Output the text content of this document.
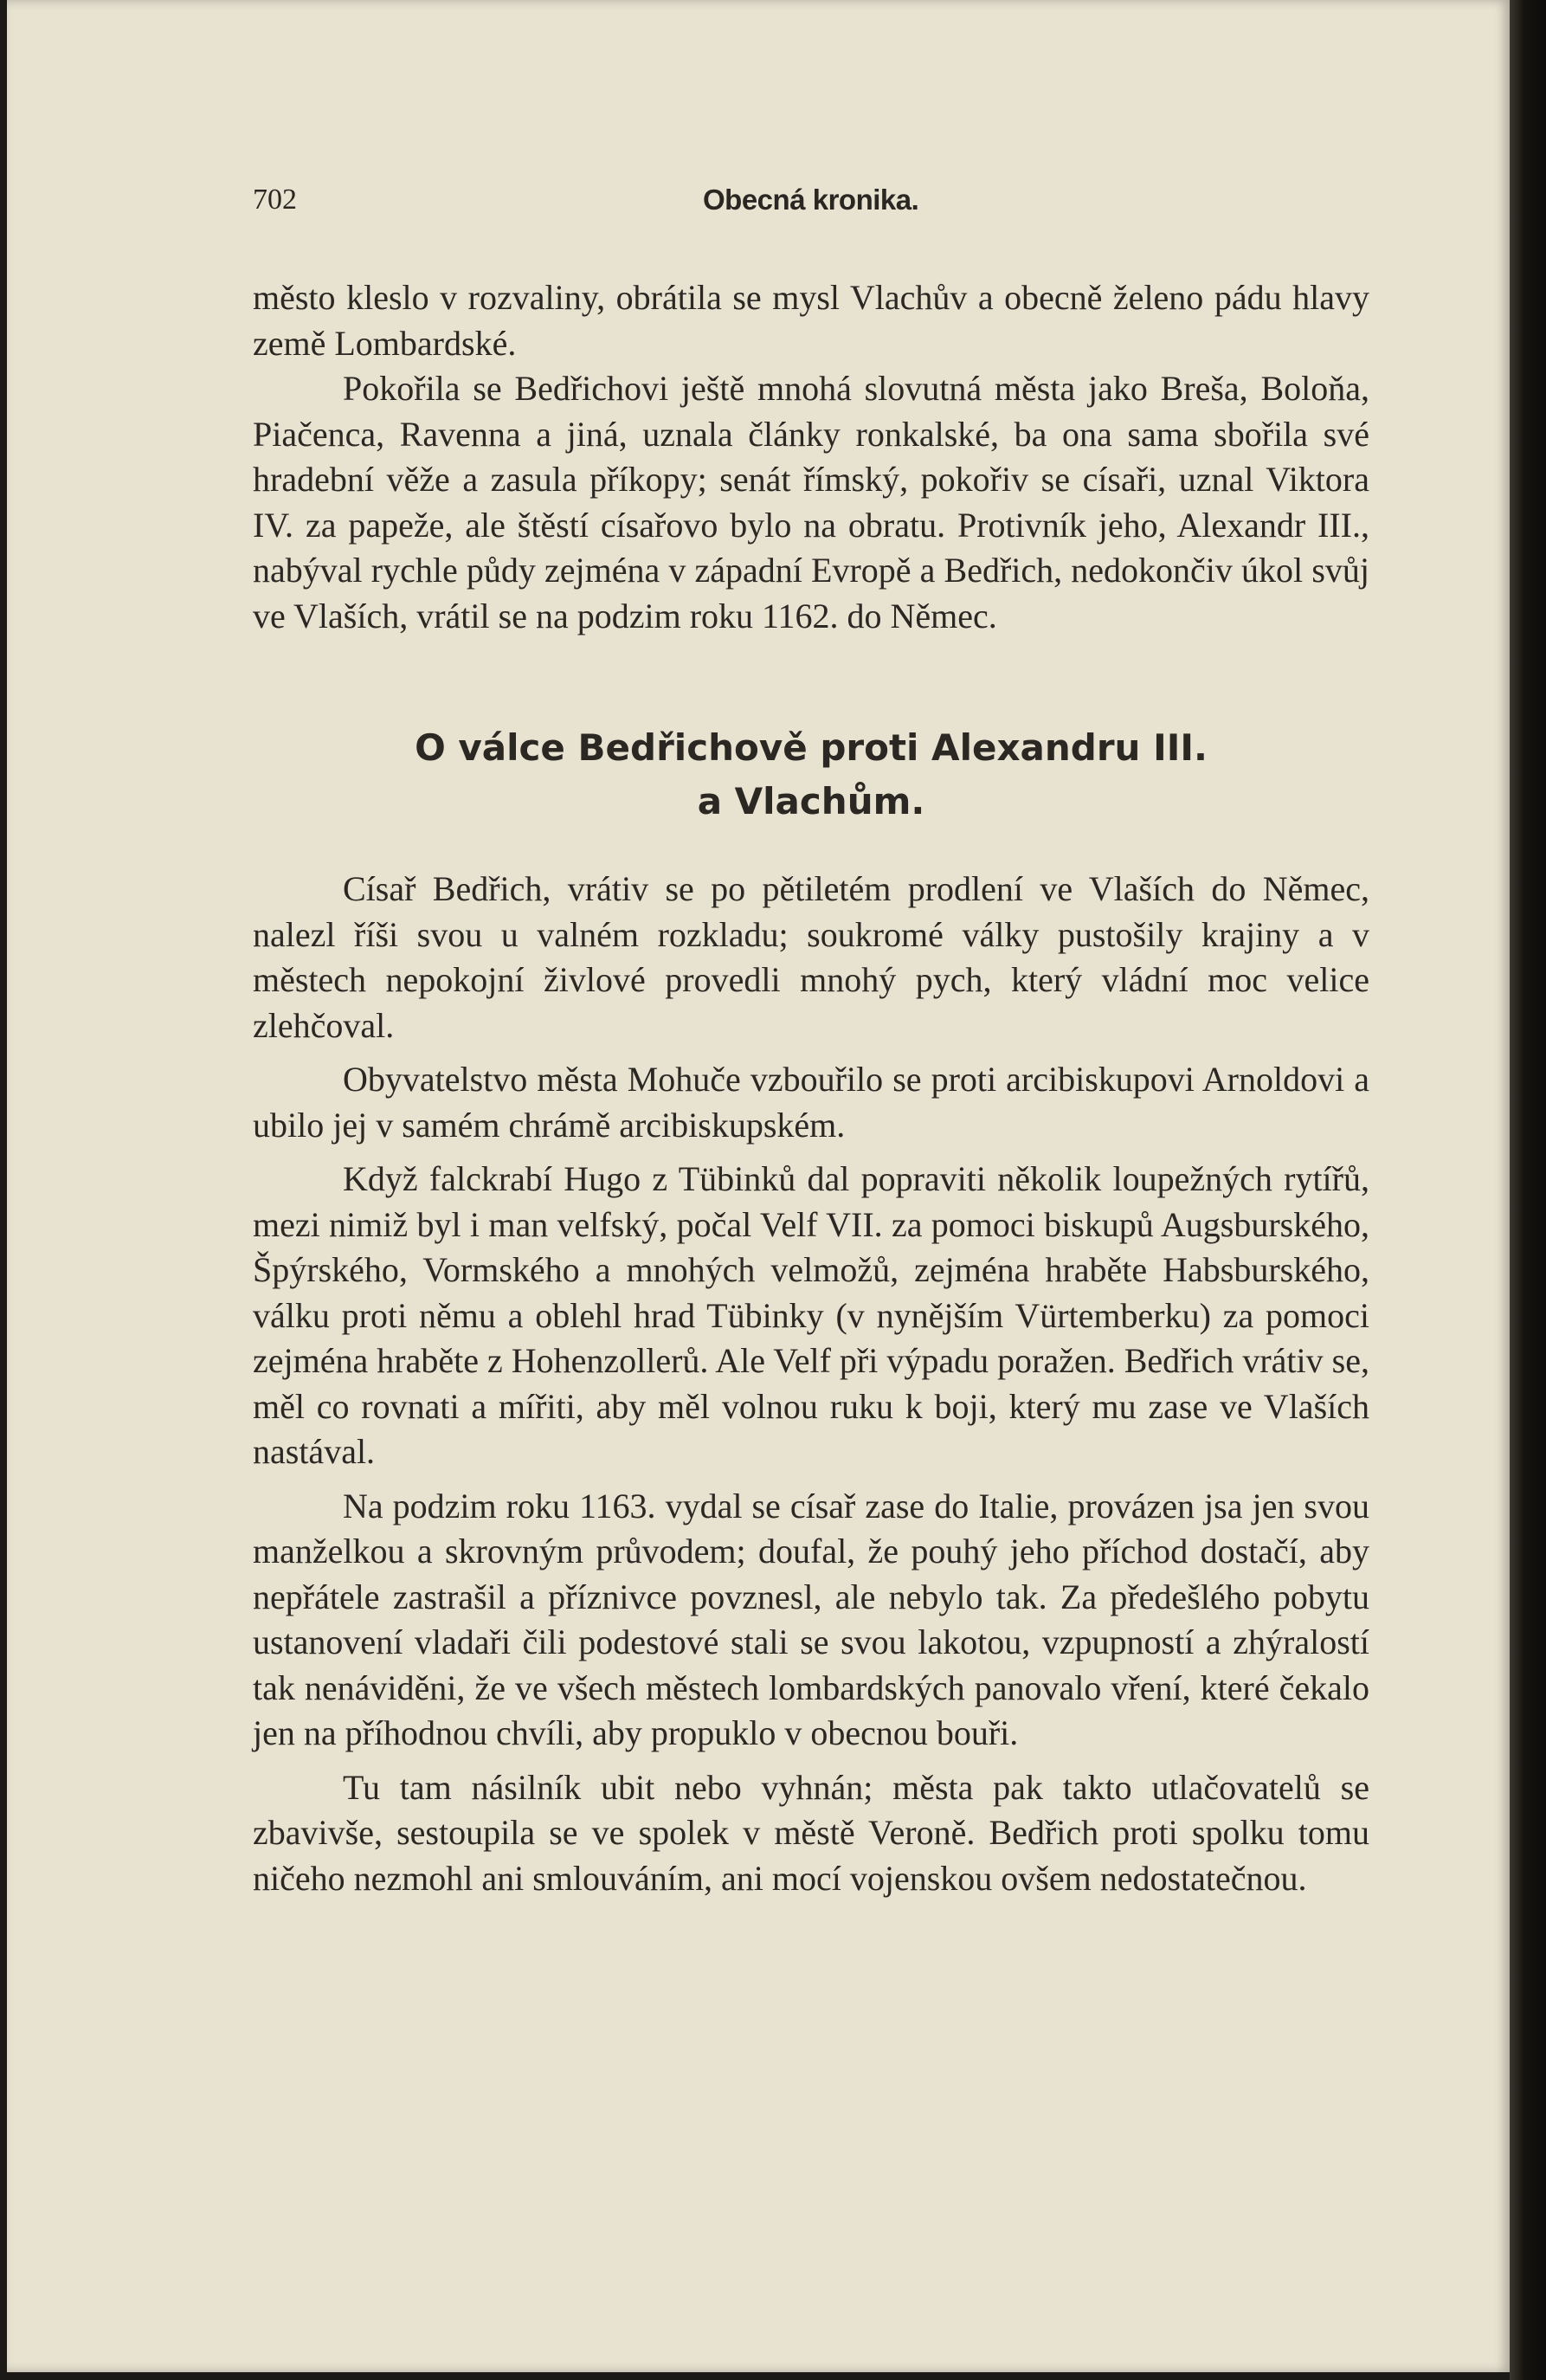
702	Obecná kronika.

město kleslo v rozvaliny, obrátila se mysl Vlachův a obecně želeno pádu hlavy země Lombardské.

Pokořila se Bedřichovi ještě mnohá slovutná města jako Breša, Boloňa, Piačenca, Ravenna a jiná, uznala články ronkalské, ba ona sama sbořila své hradební věže a zasula příkopy; senát římský, pokořiv se císaři, uznal Viktora IV. za papeže, ale štěstí císařovo bylo na obratu. Protivník jeho, Alexandr III., nabýval rychle půdy zejména v západní Evropě a Bedřich, nedokončiv úkol svůj ve Vlaších, vrátil se na podzim roku 1162. do Němec.

O válce Bedřichově proti Alexandru III.
a Vlachům.

Císař Bedřich, vrátiv se po pětiletém prodlení ve Vlaších do Němec, nalezl říši svou u valném rozkladu; soukromé války pustošily krajiny a v městech nepokojní živlové provedli mnohý pych, který vládní moc velice zlehčoval.

Obyvatelstvo města Mohuče vzbouřilo se proti arcibiskupovi Arnoldovi a ubilo jej v samém chrámě arcibiskupském.

Když falckrabí Hugo z Tübinků dal popraviti několik loupežných rytířů, mezi nimiž byl i man velfský, počal Velf VII. za pomoci biskupů Augsburského, Špýrského, Vormského a mnohých velmožů, zejména hraběte Habsburského, válku proti němu a oblehl hrad Tübinky (v nynějším Vürtemberku) za pomoci zejména hraběte z Hohenzollerů. Ale Velf při výpadu poražen. Bedřich vrátiv se, měl co rovnati a mířiti, aby měl volnou ruku k boji, který mu zase ve Vlaších nastával.

Na podzim roku 1163. vydal se císař zase do Italie, provázen jsa jen svou manželkou a skrovným průvodem; doufal, že pouhý jeho příchod dostačí, aby nepřátele zastrašil a příznivce povznesl, ale nebylo tak. Za předešlého pobytu ustanovení vladaři čili podestové stali se svou lakotou, vzpupností a zhýralostí tak nenáviděni, že ve všech městech lombardských panovalo vření, které čekalo jen na příhodnou chvíli, aby propuklo v obecnou bouři.

Tu tam násilník ubit nebo vyhnán; města pak takto utlačovatelů se zbavivše, sestoupila se ve spolek v městě Veroně. Bedřich proti spolku tomu ničeho nezmohl ani smlouváním, ani mocí vojenskou ovšem nedostatečnou.
